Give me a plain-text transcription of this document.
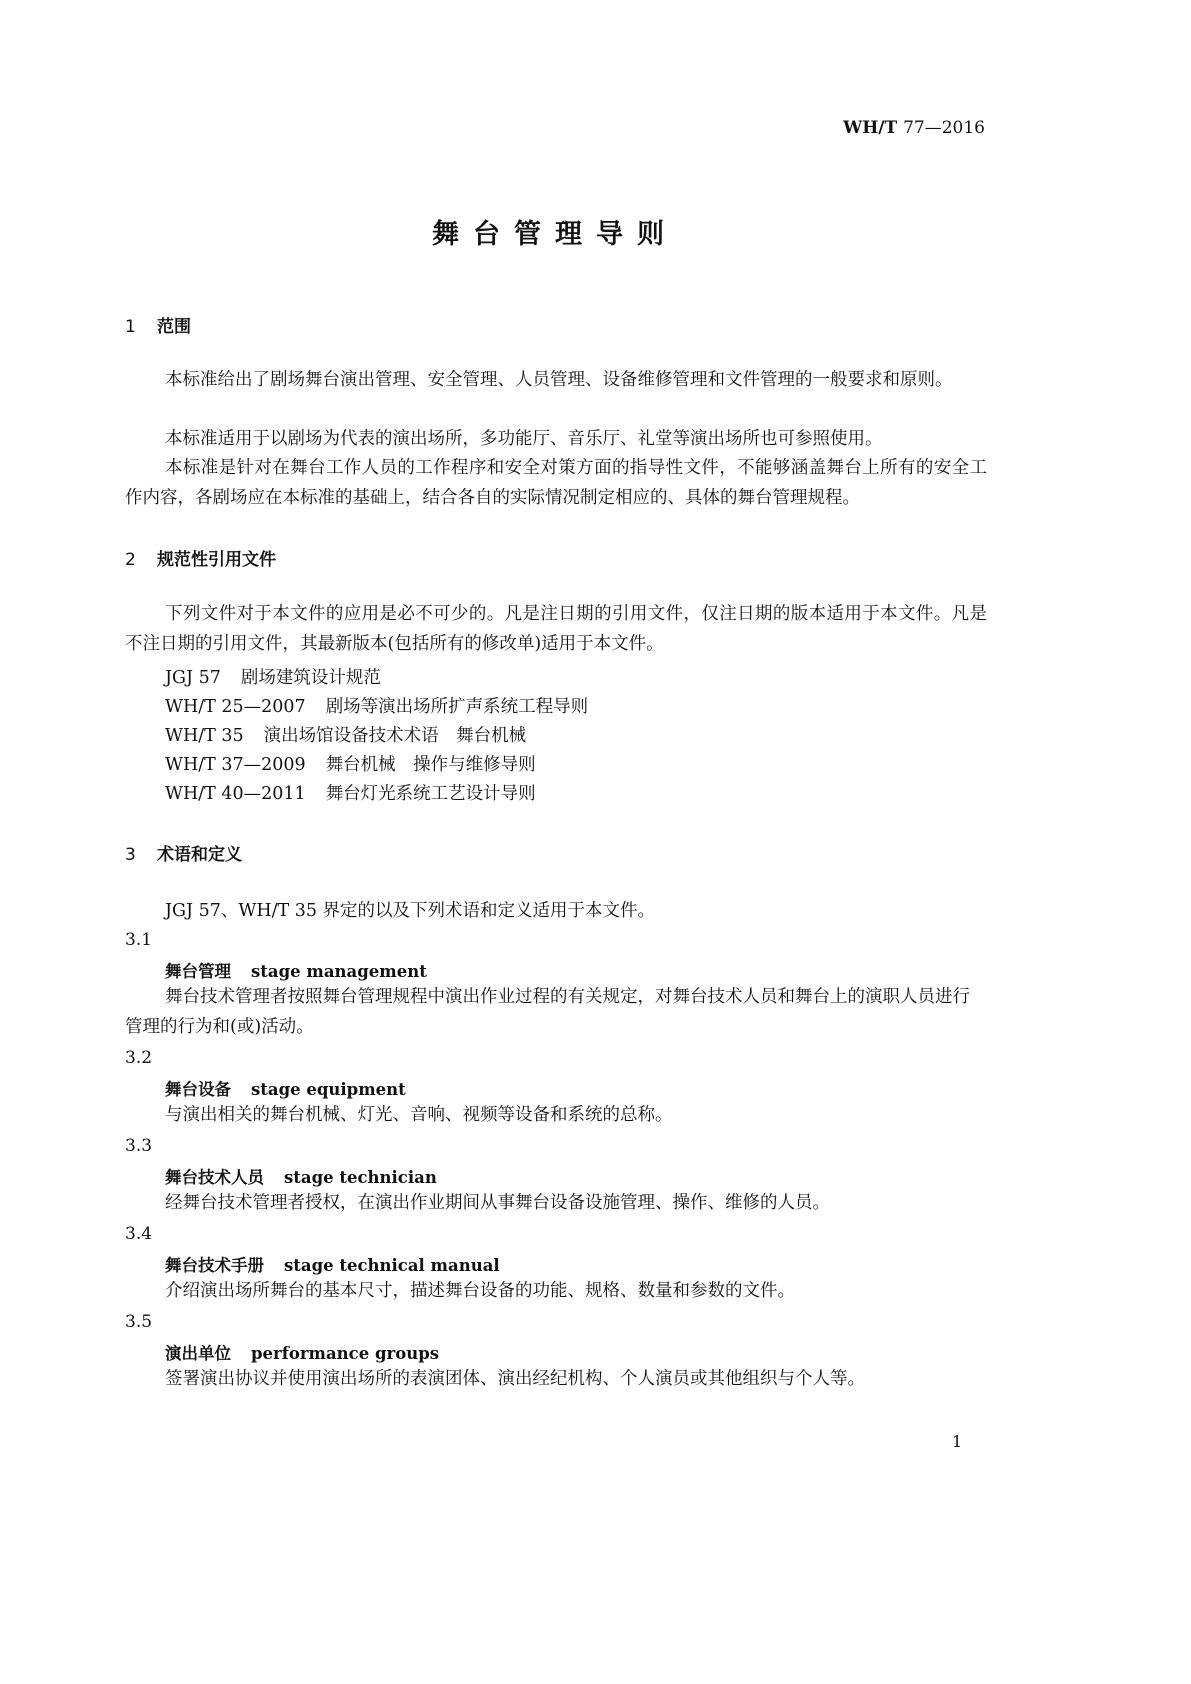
WH/T 77—2016
舞台管理导则
1 范围
本标准给出了剧场舞台演出管理、安全管理、人员管理、设备维修管理和文件管理的一般要求和原则。
本标准适用于以剧场为代表的演出场所，多功能厅、音乐厅、礼堂等演出场所也可参照使用。
本标准是针对在舞台工作人员的工作程序和安全对策方面的指导性文件，不能够涵盖舞台上所有的安全工作内容，各剧场应在本标准的基础上，结合各自的实际情况制定相应的、具体的舞台管理规程。
2 规范性引用文件
下列文件对于本文件的应用是必不可少的。凡是注日期的引用文件，仅注日期的版本适用于本文件。凡是不注日期的引用文件，其最新版本(包括所有的修改单)适用于本文件。
JGJ 57 剧场建筑设计规范
WH/T 25—2007 剧场等演出场所扩声系统工程导则
WH/T 35 演出场馆设备技术术语　舞台机械
WH/T 37—2009 舞台机械　操作与维修导则
WH/T 40—2011 舞台灯光系统工艺设计导则
3 术语和定义
JGJ 57、WH/T 35 界定的以及下列术语和定义适用于本文件。
3.1
舞台管理 stage management
舞台技术管理者按照舞台管理规程中演出作业过程的有关规定，对舞台技术人员和舞台上的演职人员进行管理的行为和(或)活动。
3.2
舞台设备 stage equipment
与演出相关的舞台机械、灯光、音响、视频等设备和系统的总称。
3.3
舞台技术人员 stage technician
经舞台技术管理者授权，在演出作业期间从事舞台设备设施管理、操作、维修的人员。
3.4
舞台技术手册 stage technical manual
介绍演出场所舞台的基本尺寸，描述舞台设备的功能、规格、数量和参数的文件。
3.5
演出单位 performance groups
签署演出协议并使用演出场所的表演团体、演出经纪机构、个人演员或其他组织与个人等。
1
